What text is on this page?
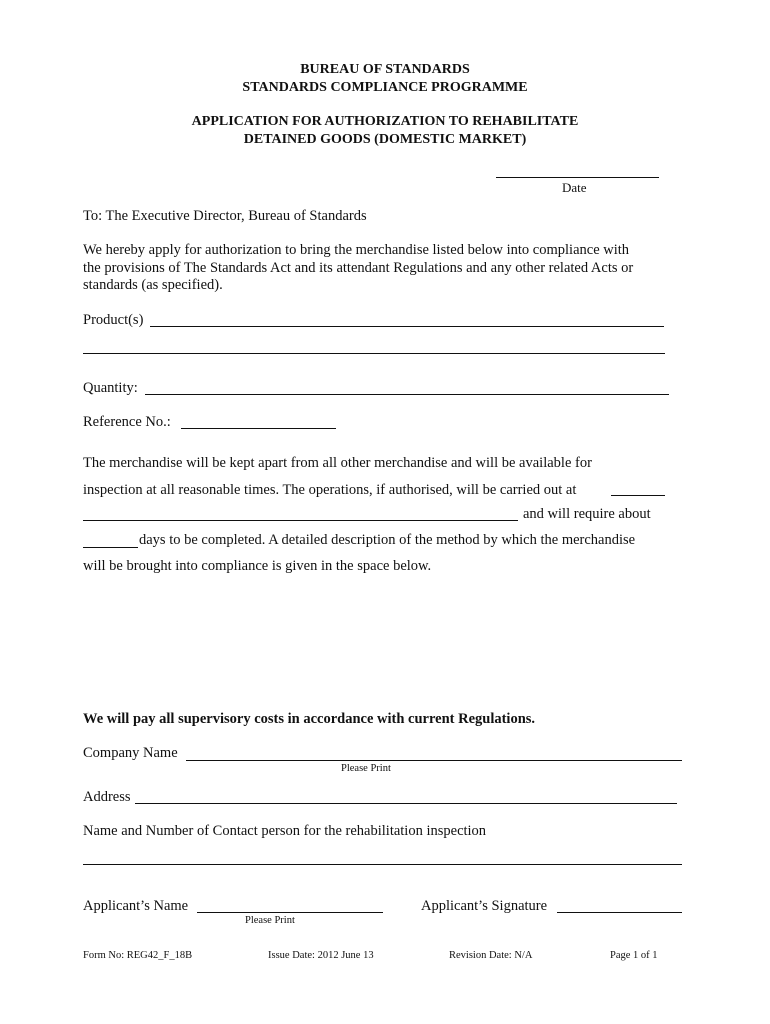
BUREAU OF STANDARDS
STANDARDS COMPLIANCE PROGRAMME
APPLICATION FOR AUTHORIZATION TO REHABILITATE
DETAINED GOODS (DOMESTIC MARKET)
Date
To: The Executive Director, Bureau of Standards
We hereby apply for authorization to bring the merchandise listed below into compliance with
the provisions of The Standards Act and its attendant Regulations and any other related Acts or
standards (as specified).
Product(s)
Quantity:
Reference No.:
The merchandise will be kept apart from all other merchandise and will be available for
inspection at all reasonable times. The operations, if authorised, will be carried out at
and will require about
days to be completed. A detailed description of the method by which the merchandise
will be brought into compliance is given in the space below.
We will pay all supervisory costs in accordance with current Regulations.
Company Name
Please Print
Address
Name and Number of Contact person for the rehabilitation inspection
Applicant’s Name
Please Print
Applicant’s Signature
Form No: REG42_F_18B	Issue Date: 2012 June 13	Revision Date: N/A	Page 1 of 1
